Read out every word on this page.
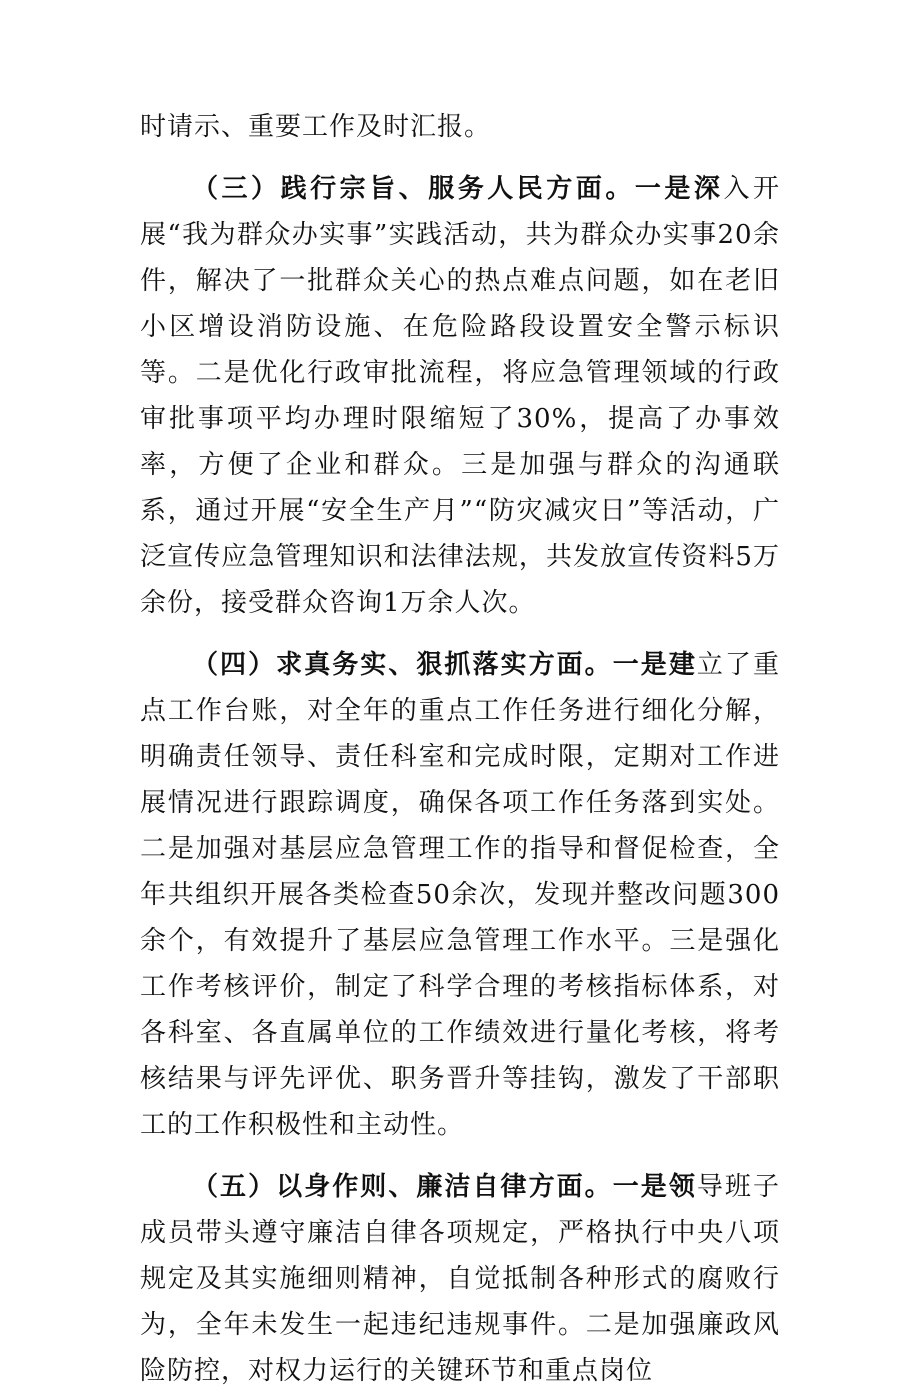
时请示、重要工作及时汇报。

（三）践行宗旨、服务人民方面。一是深入开展“我为群众办实事”实践活动，共为群众办实事20余件，解决了一批群众关心的热点难点问题，如在老旧小区增设消防设施、在危险路段设置安全警示标识等。二是优化行政审批流程，将应急管理领域的行政审批事项平均办理时限缩短了30%，提高了办事效率，方便了企业和群众。三是加强与群众的沟通联系，通过开展“安全生产月”“防灾减灾日”等活动，广泛宣传应急管理知识和法律法规，共发放宣传资料5万余份，接受群众咨询1万余人次。

（四）求真务实、狠抓落实方面。一是建立了重点工作台账，对全年的重点工作任务进行细化分解，明确责任领导、责任科室和完成时限，定期对工作进展情况进行跟踪调度，确保各项工作任务落到实处。二是加强对基层应急管理工作的指导和督促检查，全年共组织开展各类检查50余次，发现并整改问题300余个，有效提升了基层应急管理工作水平。三是强化工作考核评价，制定了科学合理的考核指标体系，对各科室、各直属单位的工作绩效进行量化考核，将考核结果与评先评优、职务晋升等挂钩，激发了干部职工的工作积极性和主动性。

（五）以身作则、廉洁自律方面。一是领导班子成员带头遵守廉洁自律各项规定，严格执行中央八项规定及其实施细则精神，自觉抵制各种形式的腐败行为，全年未发生一起违纪违规事件。二是加强廉政风险防控，对权力运行的关键环节和重点岗位
